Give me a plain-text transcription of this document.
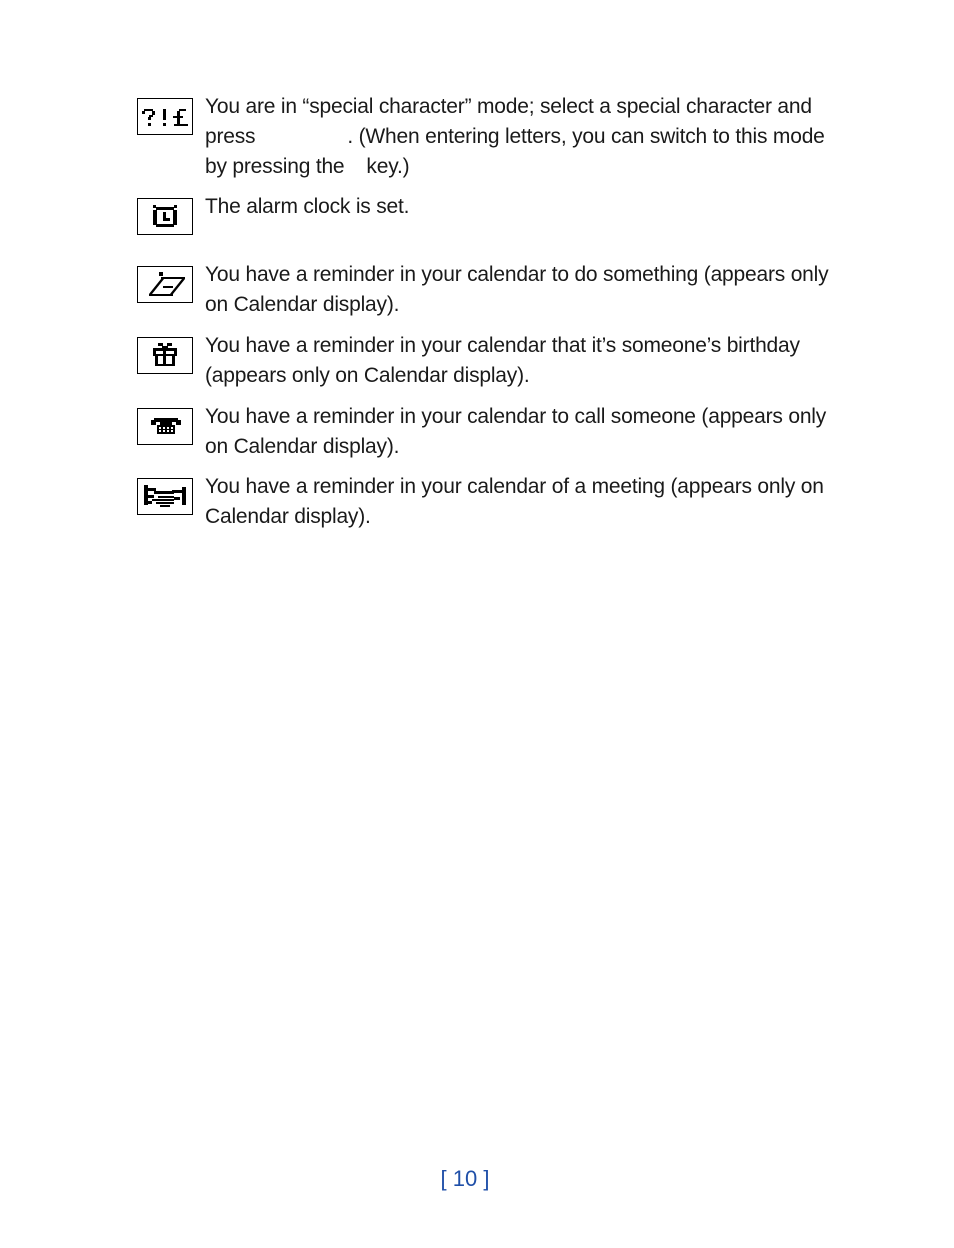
You are in “special character” mode; select a special character and press	. (When entering letters, you can switch to this mode by pressing the key.)
The alarm clock is set.
You have a reminder in your calendar to do something (appears only on Calendar display).
You have a reminder in your calendar that it’s someone’s birthday (appears only on Calendar display).
You have a reminder in your calendar to call someone (appears only on Calendar display).
You have a reminder in your calendar of a meeting (appears only on Calendar display).
[ 10 ]
